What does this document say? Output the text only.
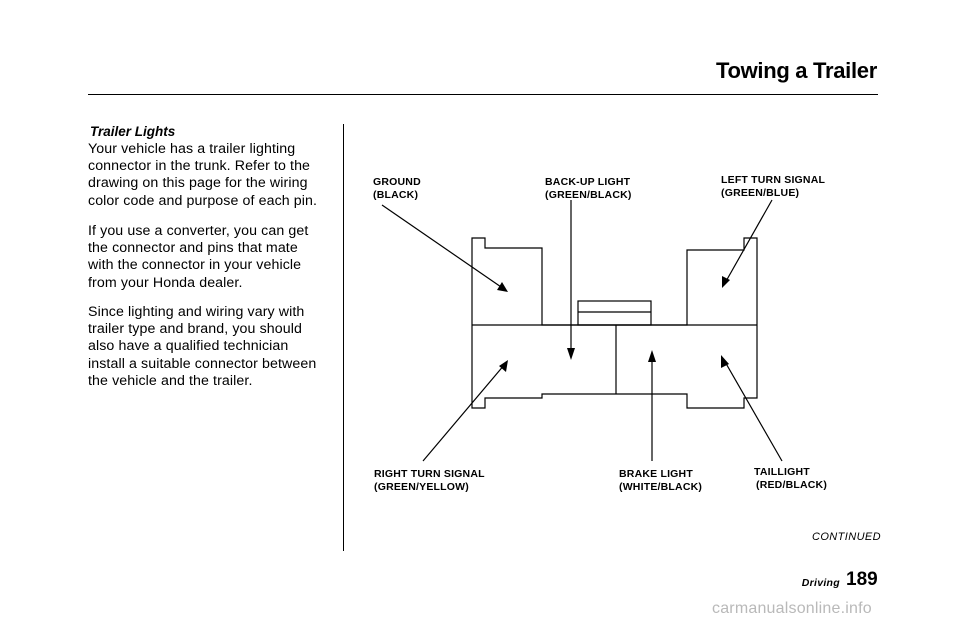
Towing a Trailer
Trailer Lights
Your vehicle has a trailer lighting
connector in the trunk. Refer to the
drawing on this page for the wiring
color code and purpose of each pin.
If you use a converter, you can get
the connector and pins that mate
with the connector in your vehicle
from your Honda dealer.
Since lighting and wiring vary with
trailer type and brand, you should
also have a qualified technician
install a suitable connector between
the vehicle and the trailer.
GROUND
(BLACK)
BACK-UP LIGHT
(GREEN/BLACK)
LEFT TURN SIGNAL
(GREEN/BLUE)
RIGHT TURN SIGNAL
(GREEN/YELLOW)
BRAKE LIGHT
(WHITE/BLACK)
TAILLIGHT
(RED/BLACK)
CONTINUED
Driving 189
carmanualsonline.info
